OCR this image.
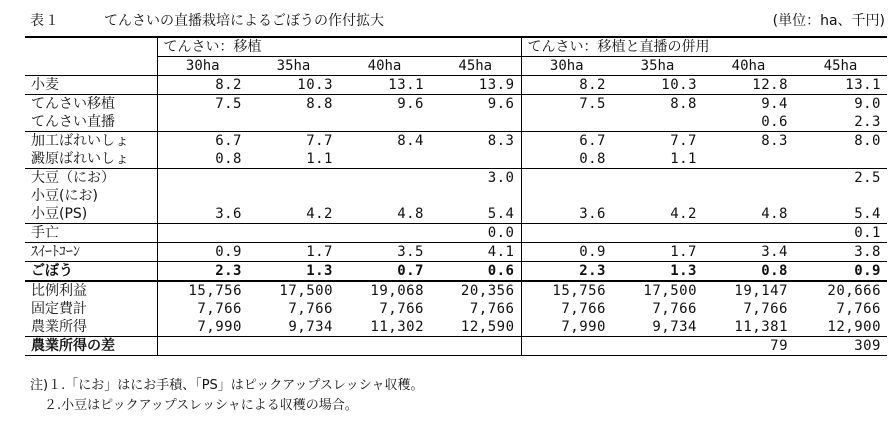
表１	てんさいの直播栽培によるごぼうの作付拡大	(単位：ha、千円)
	てんさい：移植				てんさい：移植と直播の併用			
	30ha	35ha	40ha	45ha	30ha	35ha	40ha	45ha
小麦	8.2	10.3	13.1	13.9	8.2	10.3	12.8	13.1
てんさい移植	7.5	8.8	9.6	9.6	7.5	8.8	9.4	9.0
てんさい直播							0.6	2.3
加工ばれいしょ	6.7	7.7	8.4	8.3	6.7	7.7	8.3	8.0
澱原ばれいしょ	0.8	1.1			0.8	1.1		
大豆（にお）				3.0				2.5
小豆(にお)								
小豆(PS)	3.6	4.2	4.8	5.4	3.6	4.2	4.8	5.4
手亡				0.0				0.1
ｽｲｰﾄｺｰﾝ	0.9	1.7	3.5	4.1	0.9	1.7	3.4	3.8
ごぼう	2.3	1.3	0.7	0.6	2.3	1.3	0.8	0.9
比例利益	15,756	17,500	19,068	20,356	15,756	17,500	19,147	20,666
固定費計	7,766	7,766	7,766	7,766	7,766	7,766	7,766	7,766
農業所得	7,990	9,734	11,302	12,590	7,990	9,734	11,381	12,900
農業所得の差							79	309
注)１.「にお」はにお手積、「PS」はピックアップスレッシャ収穫。
２.小豆はピックアップスレッシャによる収穫の場合。
